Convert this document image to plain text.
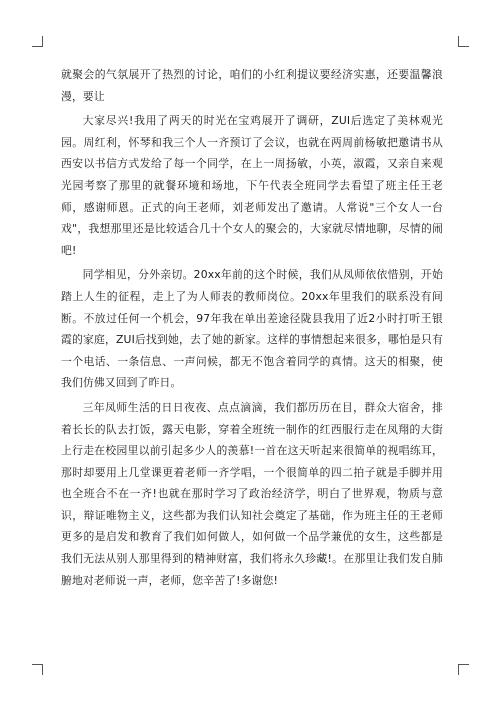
就聚会的气氛展开了热烈的讨论，咱们的小红利提议要经济实惠，还要温馨浪漫，要让

大家尽兴!我用了两天的时光在宝鸡展开了调研，ZUI后选定了美林观光园。周红利，怀琴和我三个人一齐预订了会议，也就在两周前杨敏把邀请书从西安以书信方式发给了每一个同学，在上一周扬敏，小英，淑霞，又亲自来观光园考察了那里的就餐环境和场地，下午代表全班同学去看望了班主任王老师，感谢师恩。正式的向王老师，刘老师发出了邀请。人常说"三个女人一台戏"，我想那里还是比较适合几十个女人的聚会的，大家就尽情地聊，尽情的闹吧!

同学相见，分外亲切。20xx年前的这个时候，我们从凤师依依惜别，开始踏上人生的征程，走上了为人师表的教师岗位。20xx年里我们的联系没有间断。不放过任何一个机会，97年我在单出差途径陇县我用了近2小时打听王银霞的家庭，ZUI后找到她，去了她的新家。这样的事情想起来很多，哪怕是只有一个电话、一条信息、一声问候，都无不饱含着同学的真情。这天的相聚，使我们仿佛又回到了昨日。

三年凤师生活的日日夜夜、点点滴滴，我们都历历在目，群众大宿舍，排着长长的队去打饭，露天电影，穿着全班统一制作的红西服行走在凤翔的大街上行走在校园里以前引起多少人的羡慕!一首在这天听起来很简单的视唱练耳，那时却要用上几堂课更着老师一齐学唱，一个很简单的四二拍子就是手脚并用也全班合不在一齐!也就在那时学习了政治经济学，明白了世界观，物质与意识，辩证唯物主义，这些都为我们认知社会奠定了基础，作为班主任的王老师更多的是启发和教育了我们如何做人，如何做一个品学兼优的女生，这些都是我们无法从别人那里得到的精神财富，我们将永久珍藏!。在那里让我们发自肺腑地对老师说一声，老师，您辛苦了!多谢您!
